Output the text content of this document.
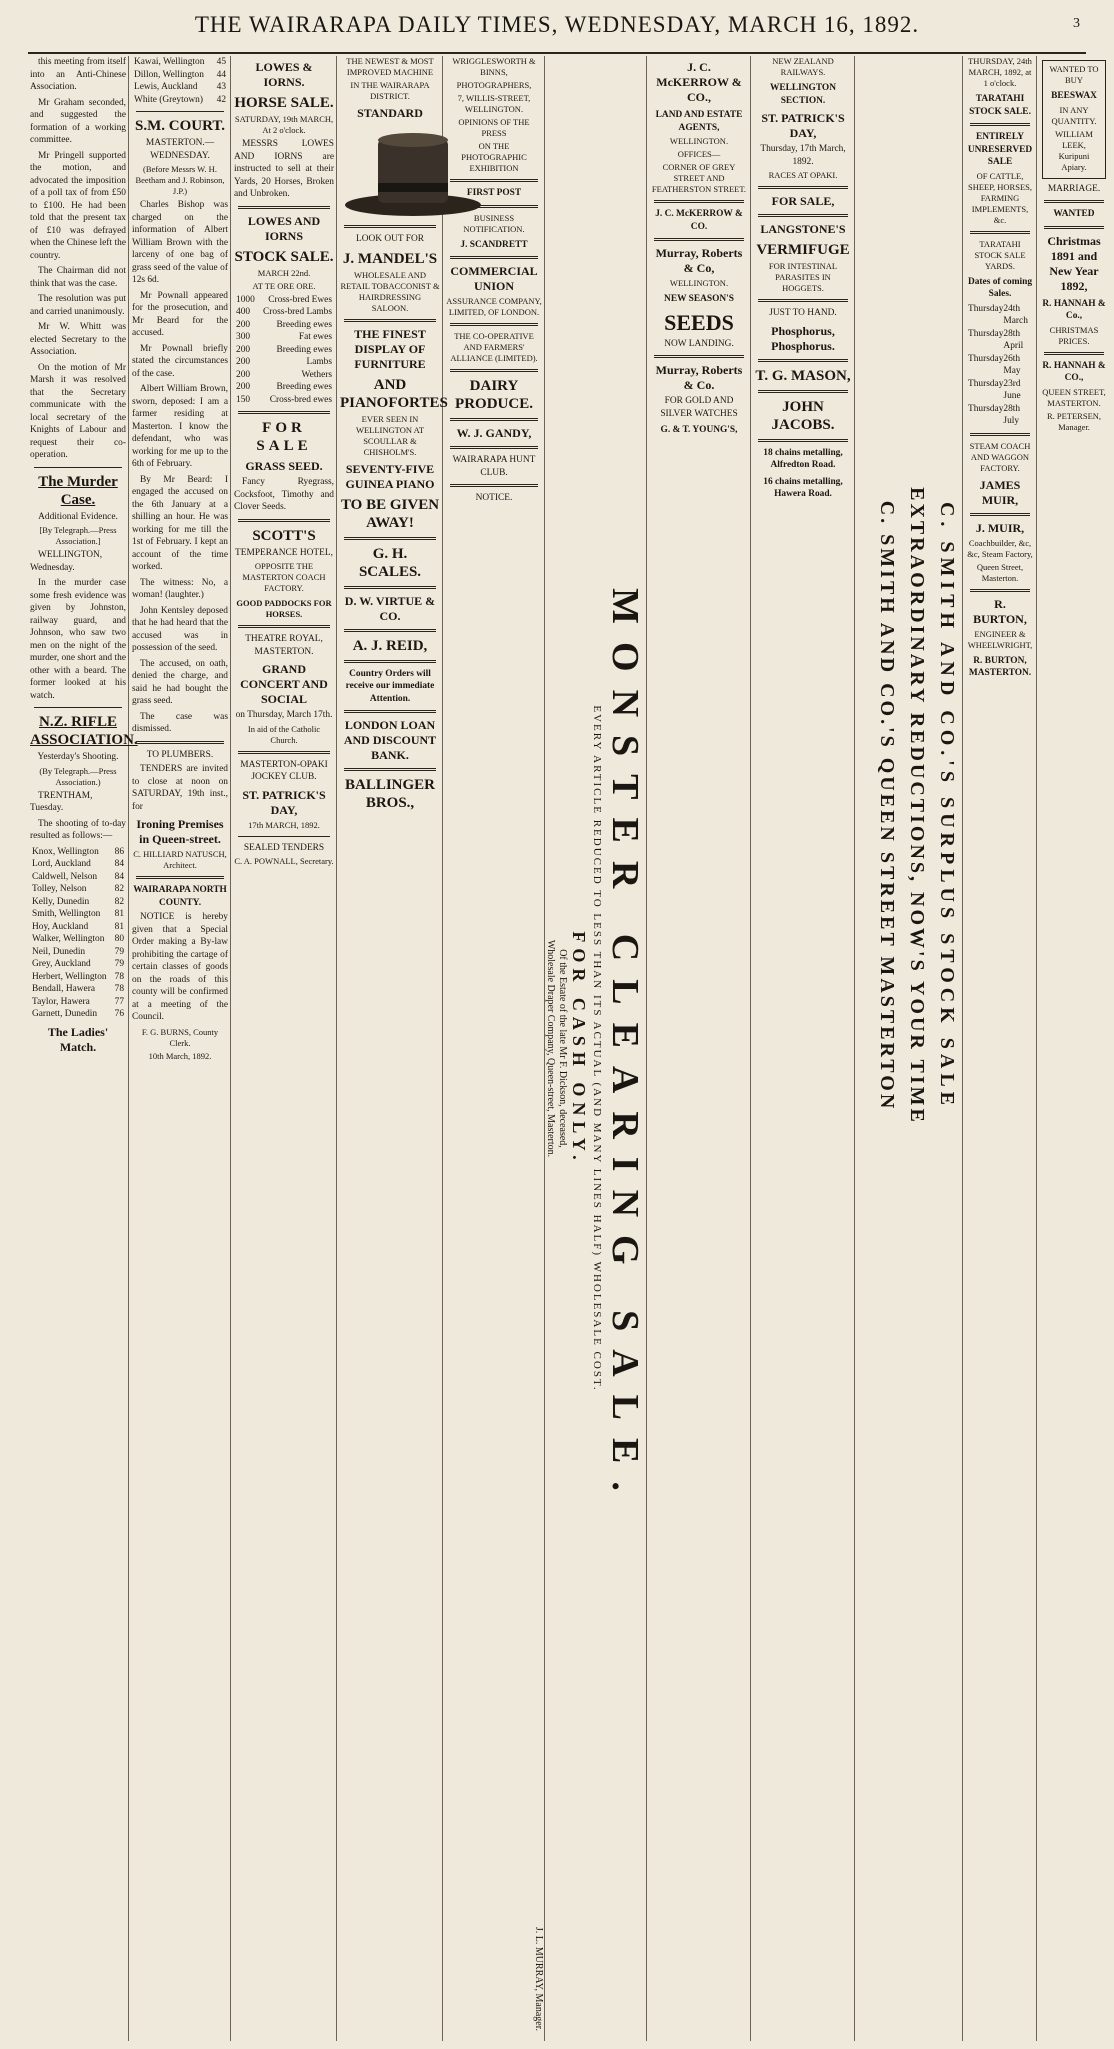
THE WAIRARAPA DAILY TIMES, WEDNESDAY, MARCH 16, 1892.	3

this meeting from itself into an Anti-Chinese Association.

Mr Graham seconded, and suggested the formation of a working committee.

Mr Pringell supported the motion, and advocated the imposition of a poll tax of from £50 to £100. He had been told that the present tax of £10 was defrayed when the Chinese left the country.

The Chairman did not think that was the case.

The resolution was put and carried unanimously.

Mr W. Whitt was elected Secretary to the Association.

On the motion of Mr Marsh it was resolved that the Secretary communicate with the local secretary of the Knights of Labour and request their co-operation.

The Murder Case.
Additional Evidence.
[By Telegraph.—Press Association.]

WELLINGTON, Wednesday.

In the murder case some fresh evidence was given by Johnston, railway guard, and Johnson, who saw two men on the night of the murder, one short and the other with a beard. The former looked at his watch.

N.Z. RIFLE ASSOCIATION.
Yesterday's Shooting.
(By Telegraph.—Press Association.)

TRENTHAM, Tuesday.

The shooting of to-day resulted as follows:—

Knox, Wellington	86
Lord, Auckland	84
Caldwell, Nelson	84
Tolley, Nelson	82
Kelly, Dunedin	82
Smith, Wellington	81
Hoy, Auckland	81
Walker, Wellington	80
Neil, Dunedin	79
Grey, Auckland	79
Herbert, Wellington 78
Bendall, Hawera	78
Taylor, Hawera	77
Garnett, Dunedin	76
The Ladies' Match.
Kawai, Wellington	45
Dillon, Wellington	44
Lewis, Auckland	43
White (Greytown)	42
S.M. COURT.
MASTERTON.—WEDNESDAY.
(Before Messrs W. H. Beetham and J. Robinson, J.P.)

Charles Bishop was charged on the information of Albert William Brown with the larceny of one bag of grass seed of the value of 12s 6d.

Mr Pownall appeared for the prosecution, and Mr Beard for the accused.

Mr Pownall briefly stated the circumstances of the case.

Albert William Brown, sworn, deposed: I am a farmer residing at Masterton. I know the defendant, who was working for me up to the 6th of February.

By Mr Beard: I engaged the accused on the 6th January at a shilling an hour. He was working for me till the 1st of February. I kept an account of the time worked.

The witness: No, a woman! (laughter.)

John Kentsley deposed that he had heard that the accused was in possession of the seed.

The accused, on oath, denied the charge, and said he had bought the grass seed.

The case was dismissed.

TO PLUMBERS.

TENDERS are invited to close at noon on SATURDAY, 19th inst., for

Ironing Premises in Queen-street.
C. HILLIARD NATUSCH, Architect.
WAIRARAPA NORTH COUNTY.

NOTICE is hereby given that a Special Order making a By-law prohibiting the cartage of certain classes of goods on the roads of this county will be confirmed at a meeting of the Council.

F. G. BURNS, County Clerk.
10th March, 1892.
LOWES & IORNS.
HORSE SALE.
SATURDAY, 19th MARCH, At 2 o'clock.

MESSRS LOWES AND IORNS are instructed to sell at their Yards, 20 Horses, Broken and Unbroken.

LOWES AND IORNS
STOCK SALE.
MARCH 22nd.
AT TE ORE ORE.
1000	Cross-bred Ewes
400	Cross-bred Lambs
200	Breeding ewes
300	Fat ewes
200	Breeding ewes
200	Lambs
200	Wethers
200	Breeding ewes
150	Cross-bred ewes
FOR SALE
GRASS SEED.

Fancy Ryegrass, Cocksfoot, Timothy and Clover Seeds.

SCOTT'S
TEMPERANCE HOTEL,
OPPOSITE THE MASTERTON COACH FACTORY.
GOOD PADDOCKS FOR HORSES.
THEATRE ROYAL, MASTERTON.
GRAND CONCERT AND SOCIAL
on Thursday, March 17th.
In aid of the Catholic Church.
MASTERTON-OPAKI JOCKEY CLUB.
ST. PATRICK'S DAY,
17th MARCH, 1892.
SEALED TENDERS
C. A. POWNALL, Secretary.
THE NEWEST & MOST IMPROVED MACHINE
IN THE WAIRARAPA DISTRICT.
STANDARD
LOOK OUT FOR
J. MANDEL'S
WHOLESALE AND RETAIL TOBACCONIST & HAIRDRESSING SALOON.
THE FINEST DISPLAY OF FURNITURE
AND PIANOFORTES
EVER SEEN IN WELLINGTON AT SCOULLAR & CHISHOLM'S.
SEVENTY-FIVE GUINEA PIANO
TO BE GIVEN AWAY!
G. H. SCALES.
D. W. VIRTUE & CO.
A. J. REID,
Country Orders will receive our immediate Attention.
LONDON LOAN AND DISCOUNT BANK.
BALLINGER BROS.,
WRIGGLESWORTH & BINNS,
PHOTOGRAPHERS,
7, WILLIS-STREET, WELLINGTON.
OPINIONS OF THE PRESS
ON THE PHOTOGRAPHIC EXHIBITION
FIRST POST
BUSINESS NOTIFICATION.
J. SCANDRETT
COMMERCIAL UNION
ASSURANCE COMPANY, LIMITED, OF LONDON.
THE CO-OPERATIVE AND FARMERS' ALLIANCE (LIMITED).
DAIRY PRODUCE.
W. J. GANDY,
WAIRARAPA HUNT CLUB.
NOTICE.
MONSTER CLEARING SALE.
EVERY ARTICLE REDUCED TO LESS THAN ITS ACTUAL (AND MANY LINES HALF) WHOLESALE COST.
FOR CASH ONLY.
Of the Estate of the late Mr F. Dickson, deceased,
Wholesale Draper Company, Queen-street, Masterton.
J. L. MURRAY, Manager.
J. C. McKERROW & CO.,
LAND AND ESTATE AGENTS,
WELLINGTON.
OFFICES—
CORNER OF GREY STREET AND FEATHERSTON STREET.
J. C. McKERROW & CO.
Murray, Roberts & Co,
WELLINGTON.
NEW SEASON'S
SEEDS
NOW LANDING.
Murray, Roberts & Co.
FOR GOLD AND SILVER WATCHES
G. & T. YOUNG'S,
NEW ZEALAND RAILWAYS.
WELLINGTON SECTION.
ST. PATRICK'S DAY,
Thursday, 17th March, 1892.
RACES AT OPAKI.
FOR SALE,
LANGSTONE'S
VERMIFUGE
FOR INTESTINAL PARASITES IN HOGGETS.
JUST TO HAND.
Phosphorus, Phosphorus.
T. G. MASON,
JOHN JACOBS.
18 chains metalling, Alfredton Road.
16 chains metalling, Hawera Road.
C. SMITH AND CO.'S SURPLUS STOCK SALE
EXTRAORDINARY REDUCTIONS, NOW'S YOUR TIME
C. SMITH AND CO.'S QUEEN STREET MASTERTON
THURSDAY, 24th MARCH, 1892, at 1 o'clock.
TARATAHI STOCK SALE.
ENTIRELY UNRESERVED SALE
OF CATTLE, SHEEP, HORSES, FARMING IMPLEMENTS, &c.
TARATAHI STOCK SALE YARDS.
Dates of coming Sales.
Thursday 24th March
Thursday 28th April
Thursday 26th May
Thursday 23rd June
Thursday 28th July
STEAM COACH AND WAGGON FACTORY.
JAMES MUIR,
J. MUIR,
Coachbuilder, &c, &c, Steam Factory,
Queen Street, Masterton.
R. BURTON,
ENGINEER & WHEELWRIGHT,
R. BURTON, MASTERTON.
WANTED TO BUY
BEESWAX
IN ANY QUANTITY.
WILLIAM LEEK, Kuripuni Apiary.
MARRIAGE.
WANTED
Christmas 1891 and New Year 1892,
R. HANNAH & Co.,
CHRISTMAS PRICES.
R. HANNAH & CO.,
QUEEN STREET, MASTERTON.
R. PETERSEN, Manager.
